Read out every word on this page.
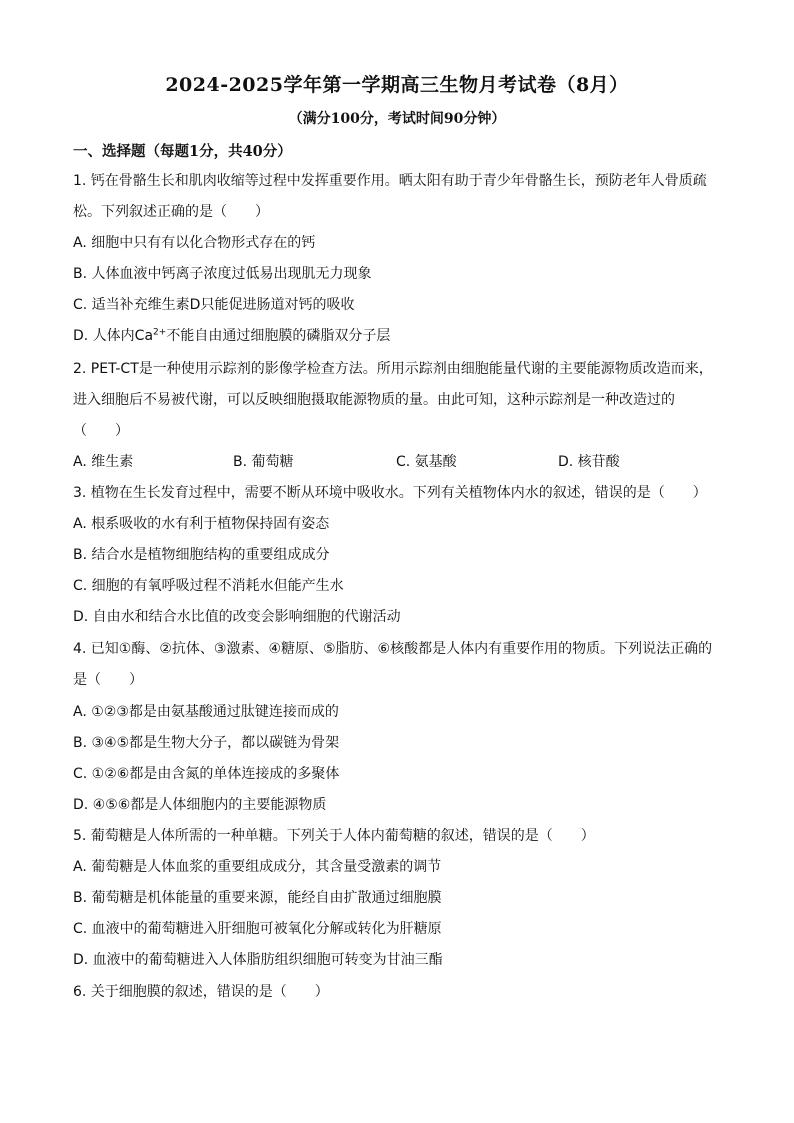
2024-2025学年第一学期高三生物月考试卷（8月）
（满分100分，考试时间90分钟）
一、选择题（每题1分，共40分）
1. 钙在骨骼生长和肌肉收缩等过程中发挥重要作用。晒太阳有助于青少年骨骼生长，预防老年人骨质疏
松。下列叙述正确的是（　　）
A. 细胞中只有有以化合物形式存在的钙
B. 人体血液中钙离子浓度过低易出现肌无力现象
C. 适当补充维生素D只能促进肠道对钙的吸收
D. 人体内$Ca^{2+}$不能自由通过细胞膜的磷脂双分子层
2. PET-CT是一种使用示踪剂的影像学检查方法。所用示踪剂由细胞能量代谢的主要能源物质改造而来，
进入细胞后不易被代谢，可以反映细胞摄取能源物质的量。由此可知，这种示踪剂是一种改造过的
（　　）
A. 维生素	B. 葡萄糖	C. 氨基酸	D. 核苷酸
3. 植物在生长发育过程中，需要不断从环境中吸收水。下列有关植物体内水的叙述，错误的是（　　）
A. 根系吸收的水有利于植物保持固有姿态
B. 结合水是植物细胞结构的重要组成成分
C. 细胞的有氧呼吸过程不消耗水但能产生水
D. 自由水和结合水比值的改变会影响细胞的代谢活动
4. 已知①酶、②抗体、③激素、④糖原、⑤脂肪、⑥核酸都是人体内有重要作用的物质。下列说法正确的
是（　　）
A. ①②③都是由氨基酸通过肽键连接而成的
B. ③④⑤都是生物大分子，都以碳链为骨架
C. ①②⑥都是由含氮的单体连接成的多聚体
D. ④⑤⑥都是人体细胞内的主要能源物质
5. 葡萄糖是人体所需的一种单糖。下列关于人体内葡萄糖的叙述，错误的是（　　）
A. 葡萄糖是人体血浆的重要组成成分，其含量受激素的调节
B. 葡萄糖是机体能量的重要来源，能经自由扩散通过细胞膜
C. 血液中的葡萄糖进入肝细胞可被氧化分解或转化为肝糖原
D. 血液中的葡萄糖进入人体脂肪组织细胞可转变为甘油三酯
6. 关于细胞膜的叙述，错误的是（　　）
